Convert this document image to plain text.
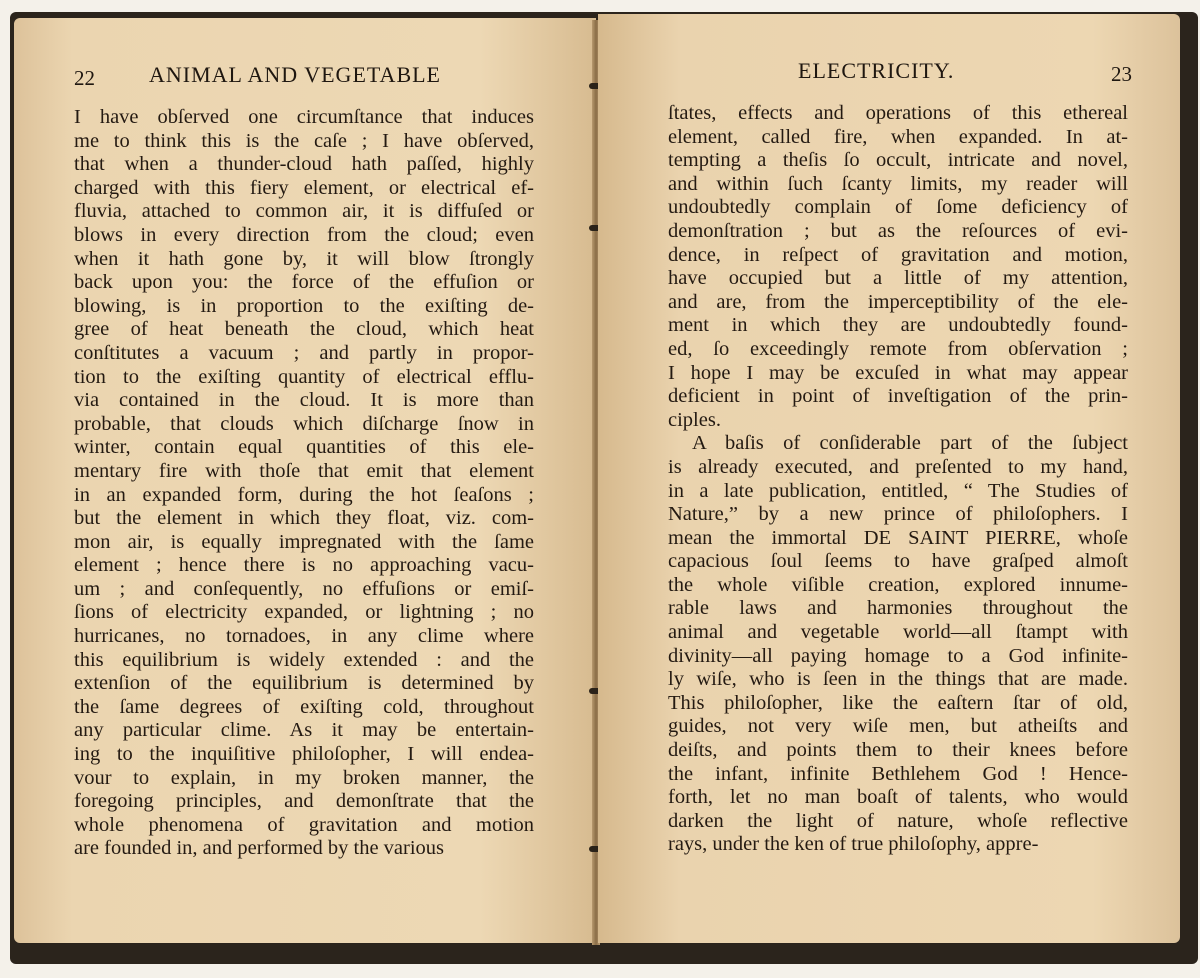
22 ANIMAL AND VEGETABLE
I have obſerved one circumſtance that induces
me to think this is the caſe ; I have obſerved,
that when a thunder-cloud hath paſſed, highly
charged with this fiery element, or electrical ef-
fluvia, attached to common air, it is diffuſed or
blows in every direction from the cloud; even
when it hath gone by, it will blow ſtrongly
back upon you: the force of the effuſion or
blowing, is in proportion to the exiſting de-
gree of heat beneath the cloud, which heat
conſtitutes a vacuum ; and partly in propor-
tion to the exiſting quantity of electrical efflu-
via contained in the cloud. It is more than
probable, that clouds which diſcharge ſnow in
winter, contain equal quantities of this ele-
mentary fire with thoſe that emit that element
in an expanded form, during the hot ſeaſons ;
but the element in which they float, viz. com-
mon air, is equally impregnated with the ſame
element ; hence there is no approaching vacu-
um ; and conſequently, no effuſions or emiſ-
ſions of electricity expanded, or lightning ; no
hurricanes, no tornadoes, in any clime where
this equilibrium is widely extended : and the
extenſion of the equilibrium is determined by
the ſame degrees of exiſting cold, throughout
any particular clime. As it may be entertain-
ing to the inquiſitive philoſopher, I will endea-
vour to explain, in my broken manner, the
foregoing principles, and demonſtrate that the
whole phenomena of gravitation and motion
are founded in, and performed by the various
ELECTRICITY.	23
ſtates, effects and operations of this ethereal
element, called fire, when expanded. In at-
tempting a theſis ſo occult, intricate and novel,
and within ſuch ſcanty limits, my reader will
undoubtedly complain of ſome deficiency of
demonſtration ; but as the reſources of evi-
dence, in reſpect of gravitation and motion,
have occupied but a little of my attention,
and are, from the imperceptibility of the ele-
ment in which they are undoubtedly found-
ed, ſo exceedingly remote from obſervation ;
I hope I may be excuſed in what may appear
deficient in point of inveſtigation of the prin-
ciples.
A baſis of conſiderable part of the ſubject
is already executed, and preſented to my hand,
in a late publication, entitled, “ The Studies of
Nature,” by a new prince of philoſophers. I
mean the immortal DE SAINT PIERRE, whoſe
capacious ſoul ſeems to have graſped almoſt
the whole viſible creation, explored innume-
rable laws and harmonies throughout the
animal and vegetable world—all ſtampt with
divinity—all paying homage to a God infinite-
ly wiſe, who is ſeen in the things that are made.
This philoſopher, like the eaſtern ſtar of old,
guides, not very wiſe men, but atheiſts and
deiſts, and points them to their knees before
the infant, infinite Bethlehem God ! Hence-
forth, let no man boaſt of talents, who would
darken the light of nature, whoſe reflective
rays, under the ken of true philoſophy, appre-
